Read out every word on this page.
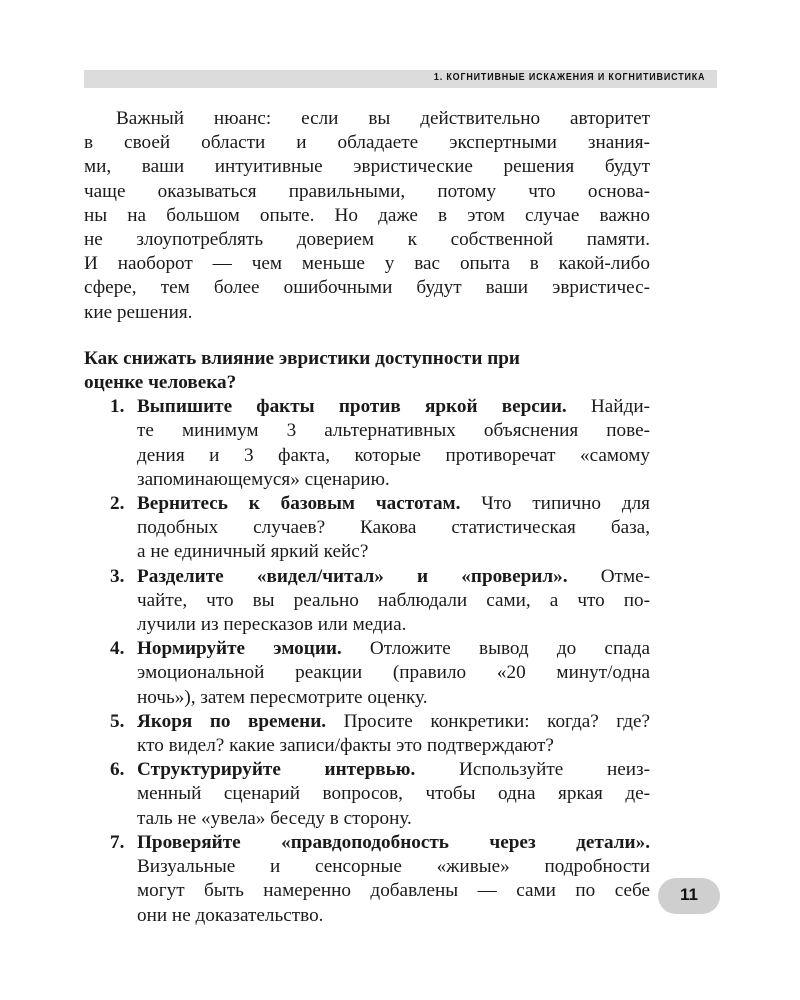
1. КОГНИТИВНЫЕ ИСКАЖЕНИЯ И КОГНИТИВИСТИКА

Важный нюанс: если вы действительно авторитет

в своей области и обладаете экспертными знания-

ми, ваши интуитивные эвристические решения будут

чаще оказываться правильными, потому что основа-

ны на большом опыте. Но даже в этом случае важно

не злоупотреблять доверием к собственной памяти.

И наоборот — чем меньше у вас опыта в какой-либо

сфере, тем более ошибочными будут ваши эвристичес-

кие решения.

Как снижать влияние эвристики доступности при

оценке человека?

1. Выпишите факты против яркой версии. Найди-
те минимум 3 альтернативных объяснения пове-
дения и 3 факта, которые противоречат «самому
запоминающемуся» сценарию.
2. Вернитесь к базовым частотам. Что типично для
подобных случаев? Какова статистическая база,
а не единичный яркий кейс?
3. Разделите «видел/читал» и «проверил». Отме-
чайте, что вы реально наблюдали сами, а что по-
лучили из пересказов или медиа.
4. Нормируйте эмоции. Отложите вывод до спада
эмоциональной реакции (правило «20 минут/одна
ночь»), затем пересмотрите оценку.
5. Якоря по времени. Просите конкретики: когда? где?
кто видел? какие записи/факты это подтверждают?
6. Структурируйте интервью. Используйте неиз-
менный сценарий вопросов, чтобы одна яркая де-
таль не «увела» беседу в сторону.
7. Проверяйте «правдоподобность через детали».
Визуальные и сенсорные «живые» подробности
могут быть намеренно добавлены — сами по себе
они не доказательство.
11
